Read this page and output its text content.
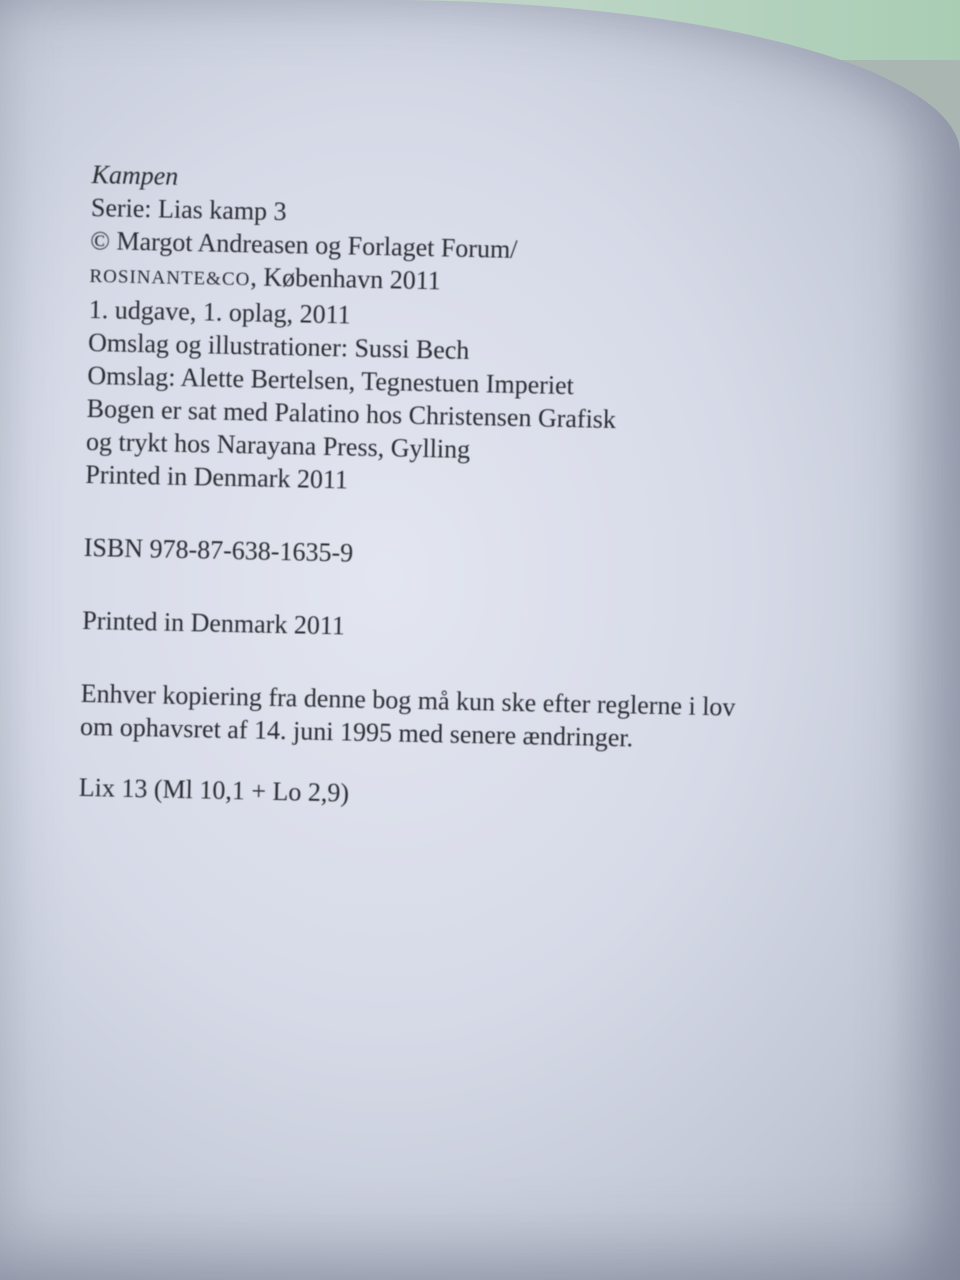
Kampen
Serie: Lias kamp 3
© Margot Andreasen og Forlaget Forum/
ROSINANTE&CO, København 2011
1. udgave, 1. oplag, 2011
Omslag og illustrationer: Sussi Bech
Omslag: Alette Bertelsen, Tegnestuen Imperiet
Bogen er sat med Palatino hos Christensen Grafisk
og trykt hos Narayana Press, Gylling
Printed in Denmark 2011
ISBN 978-87-638-1635-9
Printed in Denmark 2011
Enhver kopiering fra denne bog må kun ske efter reglerne i lov
om ophavsret af 14. juni 1995 med senere ændringer.
Lix 13 (Ml 10,1 + Lo 2,9)
